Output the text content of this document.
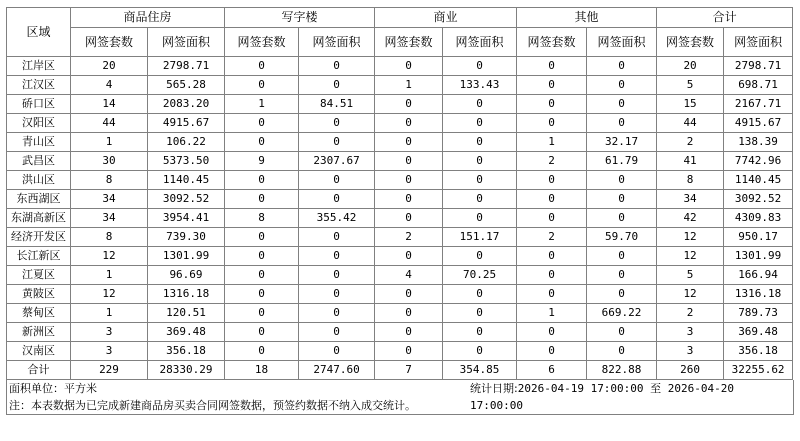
区域	商品住房		写字楼		商业		其他		合计	
	网签套数	网签面积	网签套数	网签面积	网签套数	网签面积	网签套数	网签面积	网签套数	网签面积
江岸区	20	2798.71	0	0	0	0	0	0	20	2798.71
江汉区	4	565.28	0	0	1	133.43	0	0	5	698.71
硚口区	14	2083.20	1	84.51	0	0	0	0	15	2167.71
汉阳区	44	4915.67	0	0	0	0	0	0	44	4915.67
青山区	1	106.22	0	0	0	0	1	32.17	2	138.39
武昌区	30	5373.50	9	2307.67	0	0	2	61.79	41	7742.96
洪山区	8	1140.45	0	0	0	0	0	0	8	1140.45
东西湖区	34	3092.52	0	0	0	0	0	0	34	3092.52
东湖高新区	34	3954.41	8	355.42	0	0	0	0	42	4309.83
经济开发区	8	739.30	0	0	2	151.17	2	59.70	12	950.17
长江新区	12	1301.99	0	0	0	0	0	0	12	1301.99
江夏区	1	96.69	0	0	4	70.25	0	0	5	166.94
黄陂区	12	1316.18	0	0	0	0	0	0	12	1316.18
蔡甸区	1	120.51	0	0	0	0	1	669.22	2	789.73
新洲区	3	369.48	0	0	0	0	0	0	3	369.48
汉南区	3	356.18	0	0	0	0	0	0	3	356.18
合计	229	28330.29	18	2747.60	7	354.85	6	822.88	260	32255.62
面积单位：平方米	统计日期:2026-04-19 17:00:00 至 2026-04-20 17:00:00
注：本表数据为已完成新建商品房买卖合同网签数据，预签约数据不纳入成交统计。
